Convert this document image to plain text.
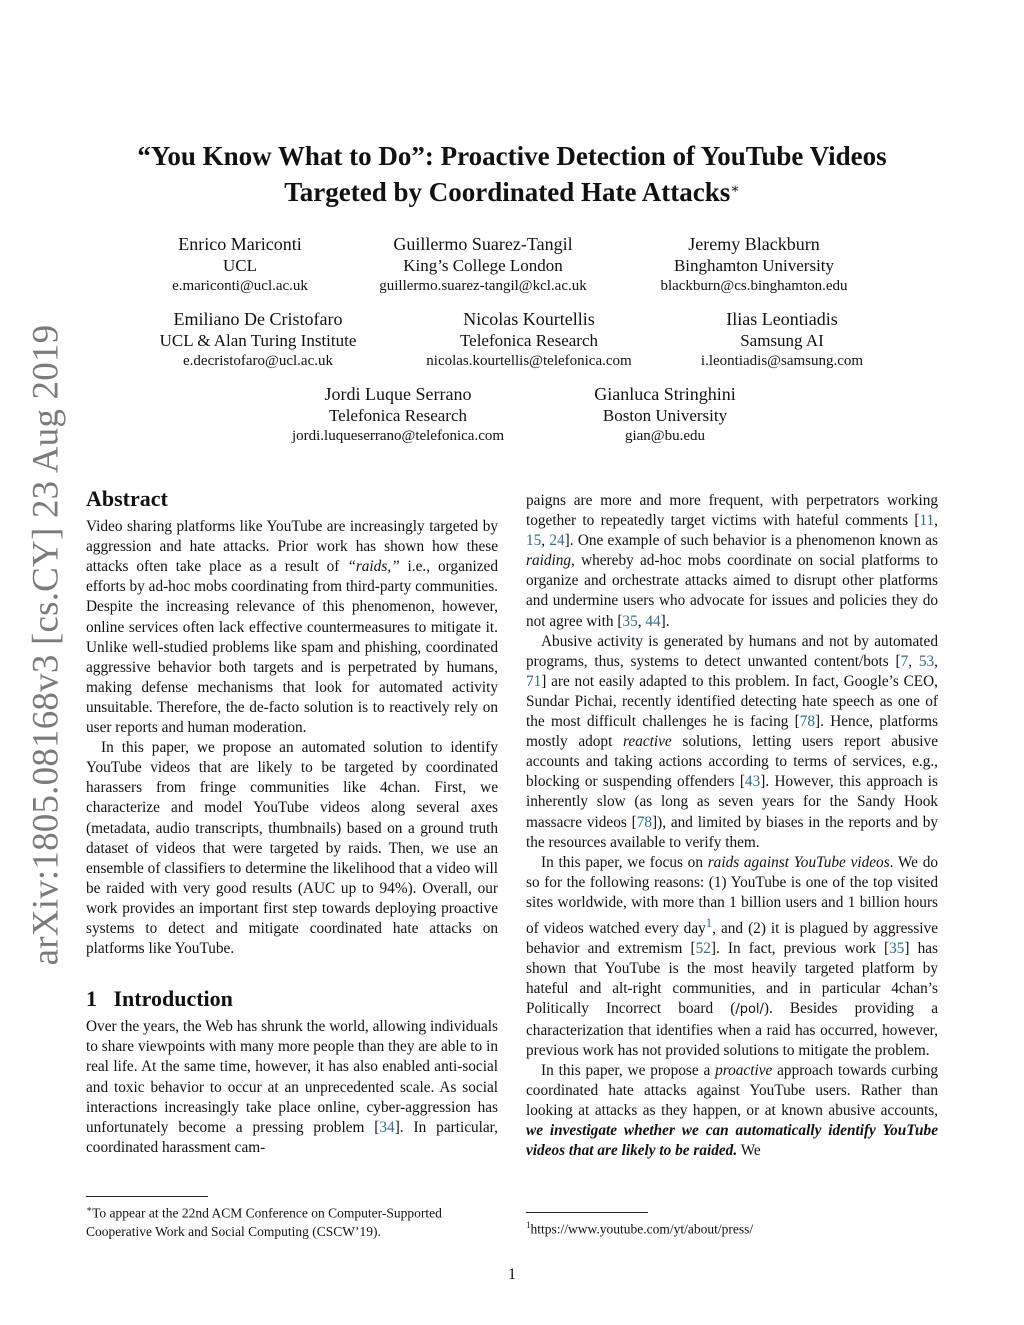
arXiv:1805.08168v3 [cs.CY] 23 Aug 2019
“You Know What to Do”: Proactive Detection of YouTube Videos
Targeted by Coordinated Hate Attacks∗
Enrico Mariconti
UCL
e.mariconti@ucl.ac.uk
Guillermo Suarez-Tangil
King’s College London
guillermo.suarez-tangil@kcl.ac.uk
Jeremy Blackburn
Binghamton University
blackburn@cs.binghamton.edu
Emiliano De Cristofaro
UCL & Alan Turing Institute
e.decristofaro@ucl.ac.uk
Nicolas Kourtellis
Telefonica Research
nicolas.kourtellis@telefonica.com
Ilias Leontiadis
Samsung AI
i.leontiadis@samsung.com
Jordi Luque Serrano
Telefonica Research
jordi.luqueserrano@telefonica.com
Gianluca Stringhini
Boston University
gian@bu.edu
Abstract

Video sharing platforms like YouTube are increasingly targeted by aggression and hate attacks. Prior work has shown how these attacks often take place as a result of “raids,” i.e., organized efforts by ad-hoc mobs coordinating from third-party communities. Despite the increasing relevance of this phenomenon, however, online services often lack effective countermeasures to mitigate it. Unlike well-studied problems like spam and phishing, coordinated aggressive behavior both targets and is perpetrated by humans, making defense mechanisms that look for automated activity unsuitable. Therefore, the de-facto solution is to reactively rely on user reports and human moderation.

In this paper, we propose an automated solution to identify YouTube videos that are likely to be targeted by coordinated harassers from fringe communities like 4chan. First, we characterize and model YouTube videos along several axes (metadata, audio transcripts, thumbnails) based on a ground truth dataset of videos that were targeted by raids. Then, we use an ensemble of classifiers to determine the likelihood that a video will be raided with very good results (AUC up to 94%). Overall, our work provides an important first step towards deploying proactive systems to detect and mitigate coordinated hate attacks on platforms like YouTube.

1 Introduction

Over the years, the Web has shrunk the world, allowing individuals to share viewpoints with many more people than they are able to in real life. At the same time, however, it has also enabled anti-social and toxic behavior to occur at an unprecedented scale. As social interactions increasingly take place online, cyber-aggression has unfortunately become a pressing problem [34]. In particular, coordinated harassment cam-

∗To appear at the 22nd ACM Conference on Computer-Supported Cooperative Work and Social Computing (CSCW’19).

paigns are more and more frequent, with perpetrators working together to repeatedly target victims with hateful comments [11, 15, 24]. One example of such behavior is a phenomenon known as raiding, whereby ad-hoc mobs coordinate on social platforms to organize and orchestrate attacks aimed to disrupt other platforms and undermine users who advocate for issues and policies they do not agree with [35, 44].

Abusive activity is generated by humans and not by automated programs, thus, systems to detect unwanted content/bots [7, 53, 71] are not easily adapted to this problem. In fact, Google’s CEO, Sundar Pichai, recently identified detecting hate speech as one of the most difficult challenges he is facing [78]. Hence, platforms mostly adopt reactive solutions, letting users report abusive accounts and taking actions according to terms of services, e.g., blocking or suspending offenders [43]. However, this approach is inherently slow (as long as seven years for the Sandy Hook massacre videos [78]), and limited by biases in the reports and by the resources available to verify them.

In this paper, we focus on raids against YouTube videos. We do so for the following reasons: (1) YouTube is one of the top visited sites worldwide, with more than 1 billion users and 1 billion hours of videos watched every day$^1$, and (2) it is plagued by aggressive behavior and extremism [52]. In fact, previous work [35] has shown that YouTube is the most heavily targeted platform by hateful and alt-right communities, and in particular 4chan’s Politically Incorrect board (/pol/). Besides providing a characterization that identifies when a raid has occurred, however, previous work has not provided solutions to mitigate the problem.

In this paper, we propose a proactive approach towards curbing coordinated hate attacks against YouTube users. Rather than looking at attacks as they happen, or at known abusive accounts, we investigate whether we can automatically identify YouTube videos that are likely to be raided. We

$^1$https://www.youtube.com/yt/about/press/
1
